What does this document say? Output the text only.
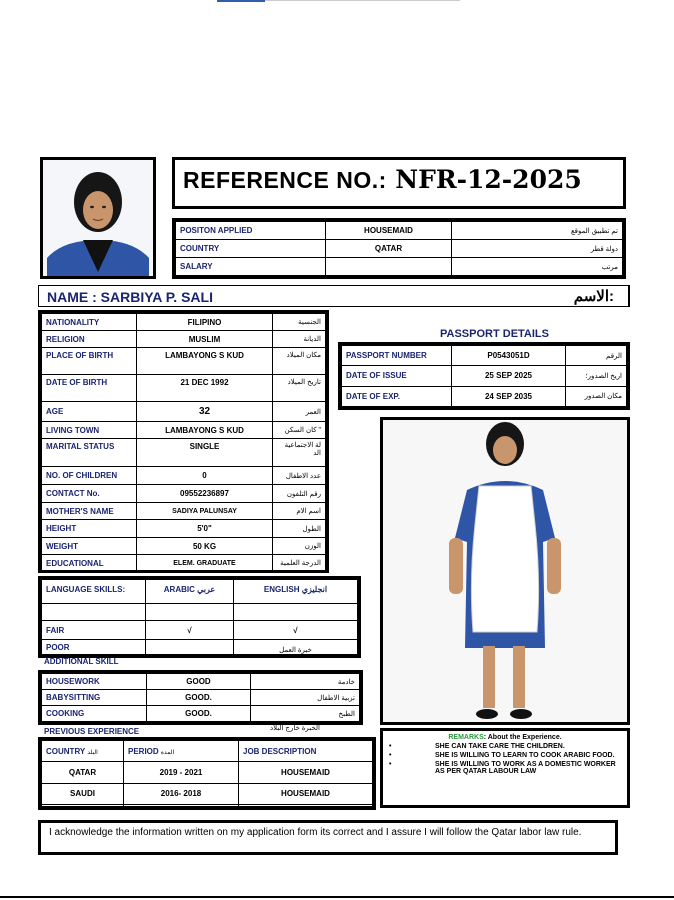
REFERENCE NO.: NFR-12-2025
POSITON APPLIED	HOUSEMAID	تم تطبيق الموقع
COUNTRY	QATAR	دولة قطر
SALARY		مرتب
NAME : SARBIYA P. SALI	الاسم:
NATIONALITY	FILIPINO	الجنسية
RELIGION	MUSLIM	الديانة
PLACE OF BIRTH	LAMBAYONG S KUD	مكان الميلاد
DATE OF BIRTH	21 DEC 1992	تاريخ الميلاد
AGE	32	العمر
LIVING TOWN	LAMBAYONG S KUD	كان السكن "
MARITAL STATUS	SINGLE	لة الاجتماعية الد
NO. OF CHILDREN	0	عدد الاطفال
CONTACT No.	09552236897	رقم التلفون
MOTHER'S NAME	SADIYA PALUNSAY	اسم الام
HEIGHT	5'0"	الطول
WEIGHT	50 KG	الوزن
EDUCATIONAL	ELEM. GRADUATE	الدرجة العلمية
PASSPORT DETAILS
PASSPORT NUMBER	P0543051D	الرقم
DATE OF ISSUE	25 SEP 2025	اريخ الصدور؛
DATE OF EXP.	24 SEP 2035	مكان الصدور
LANGUAGE SKILLS:	ARABIC عربي	ENGLISH انجليزي

FAIR	√	√
POOR		خبرة العمل
ADDITIONAL SKILL
HOUSEWORK	GOOD	خادمة
BABYSITTING	GOOD.	تربية الاطفال
COOKING	GOOD.	الطبخ
PREVIOUS EXPERIENCE	الخبرة خارج البلاد
COUNTRY البلد	PERIOD المدة	JOB DESCRIPTION
QATAR	2019 - 2021	HOUSEMAID
SAUDI	2016- 2018	HOUSEMAID

REMARKS: About the Experience.
•	SHE CAN TAKE CARE THE CHILDREN.
•	SHE IS WILLING TO LEARN TO COOK ARABIC FOOD.
•	SHE IS WILLING TO WORK AS A DOMESTIC WORKER AS PER QATAR LABOUR LAW
I acknowledge the information written on my application form its correct and I assure I will follow the Qatar labor law rule.
